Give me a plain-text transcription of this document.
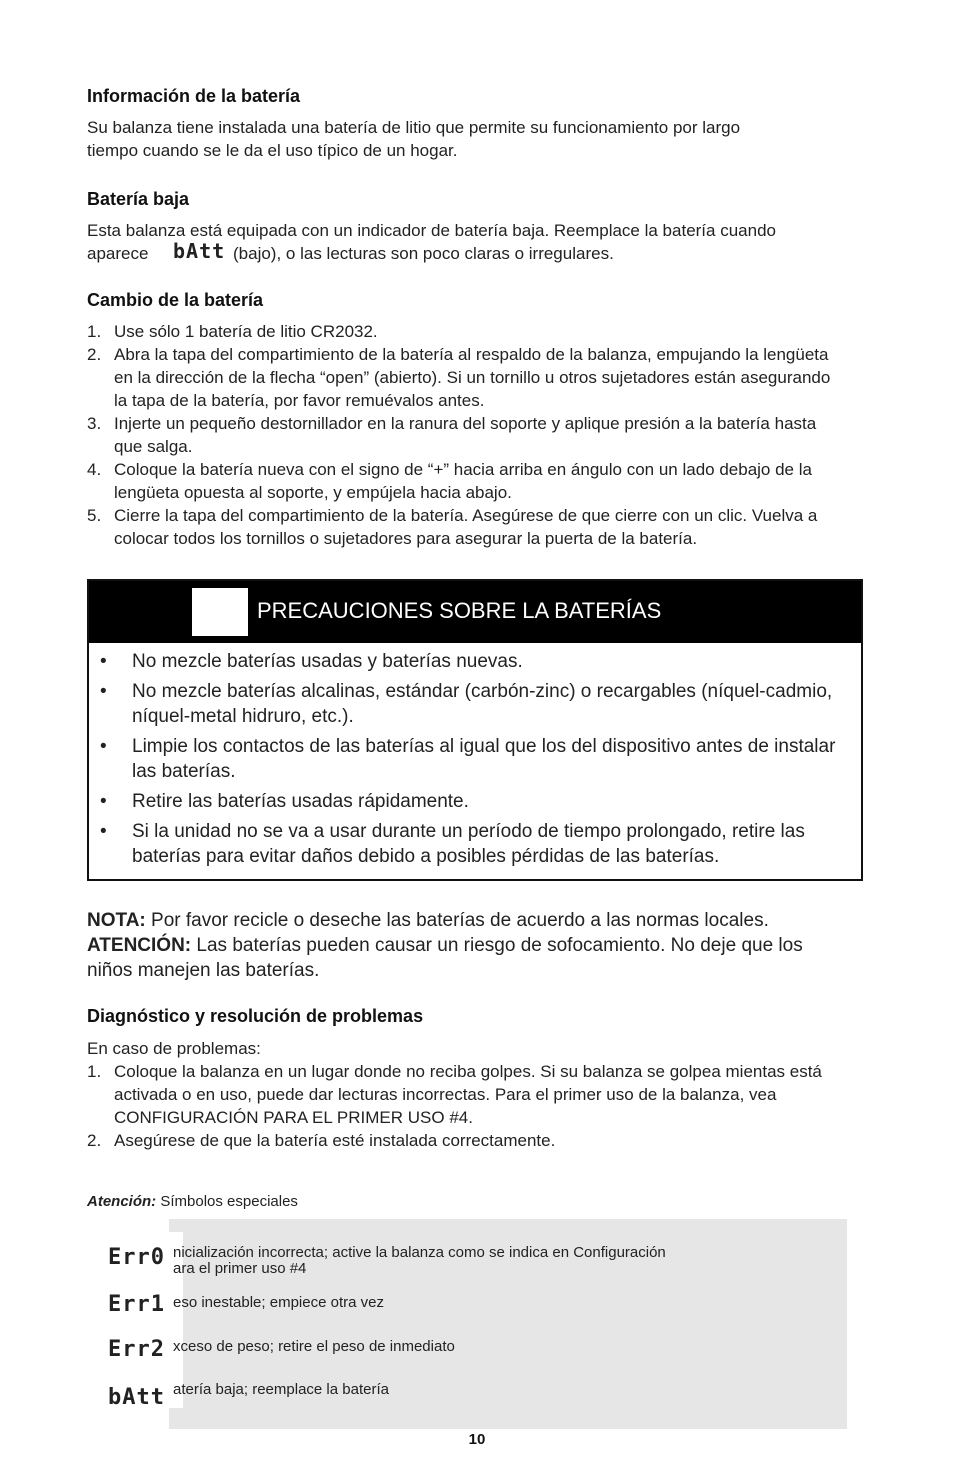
Información de la batería
Su balanza tiene instalada una batería de litio que permite su funcionamiento por largo
tiempo cuando se le da el uso típico de un hogar.
Batería baja
Esta balanza está equipada con un indicador de batería baja. Reemplace la batería cuando
aparece bAtt (bajo), o las lecturas son poco claras o irregulares.
Cambio de la batería
1. Use sólo 1 batería de litio CR2032.
2. Abra la tapa del compartimiento de la batería al respaldo de la balanza, empujando la lengüeta en la dirección de la flecha “open” (abierto). Si un tornillo u otros sujetadores están asegurando la tapa de la batería, por favor remuévalos antes.
3. Injerte un pequeño destornillador en la ranura del soporte y aplique presión a la batería hasta que salga.
4. Coloque la batería nueva con el signo de “+” hacia arriba en ángulo con un lado debajo de la lengüeta opuesta al soporte, y empújela hacia abajo.
5. Cierre la tapa del compartimiento de la batería. Asegúrese de que cierre con un clic. Vuelva a colocar todos los tornillos o sujetadores para asegurar la puerta de la batería.
PRECAUCIONES SOBRE LA BATERÍAS
• No mezcle baterías usadas y baterías nuevas.
• No mezcle baterías alcalinas, estándar (carbón-zinc) o recargables (níquel-cadmio, níquel-metal hidruro, etc.).
• Limpie los contactos de las baterías al igual que los del dispositivo antes de instalar las baterías.
• Retire las baterías usadas rápidamente.
• Si la unidad no se va a usar durante un período de tiempo prolongado, retire las baterías para evitar daños debido a posibles pérdidas de las baterías.
NOTA: Por favor recicle o deseche las baterías de acuerdo a las normas locales.
ATENCIÓN: Las baterías pueden causar un riesgo de sofocamiento. No deje que los
niños manejen las baterías.
Diagnóstico y resolución de problemas
En caso de problemas:
1. Coloque la balanza en un lugar donde no reciba golpes. Si su balanza se golpea mientas está activada o en uso, puede dar lecturas incorrectas. Para el primer uso de la balanza, vea CONFIGURACIÓN PARA EL PRIMER USO #4.
2. Asegúrese de que la batería esté instalada correctamente.
Atención: Símbolos especiales
Err0 nicialización incorrecta; active la balanza como se indica en Configuración
ara el primer uso #4
Err1 eso inestable; empiece otra vez
Err2 xceso de peso; retire el peso de inmediato
bAtt atería baja; reemplace la batería
10
